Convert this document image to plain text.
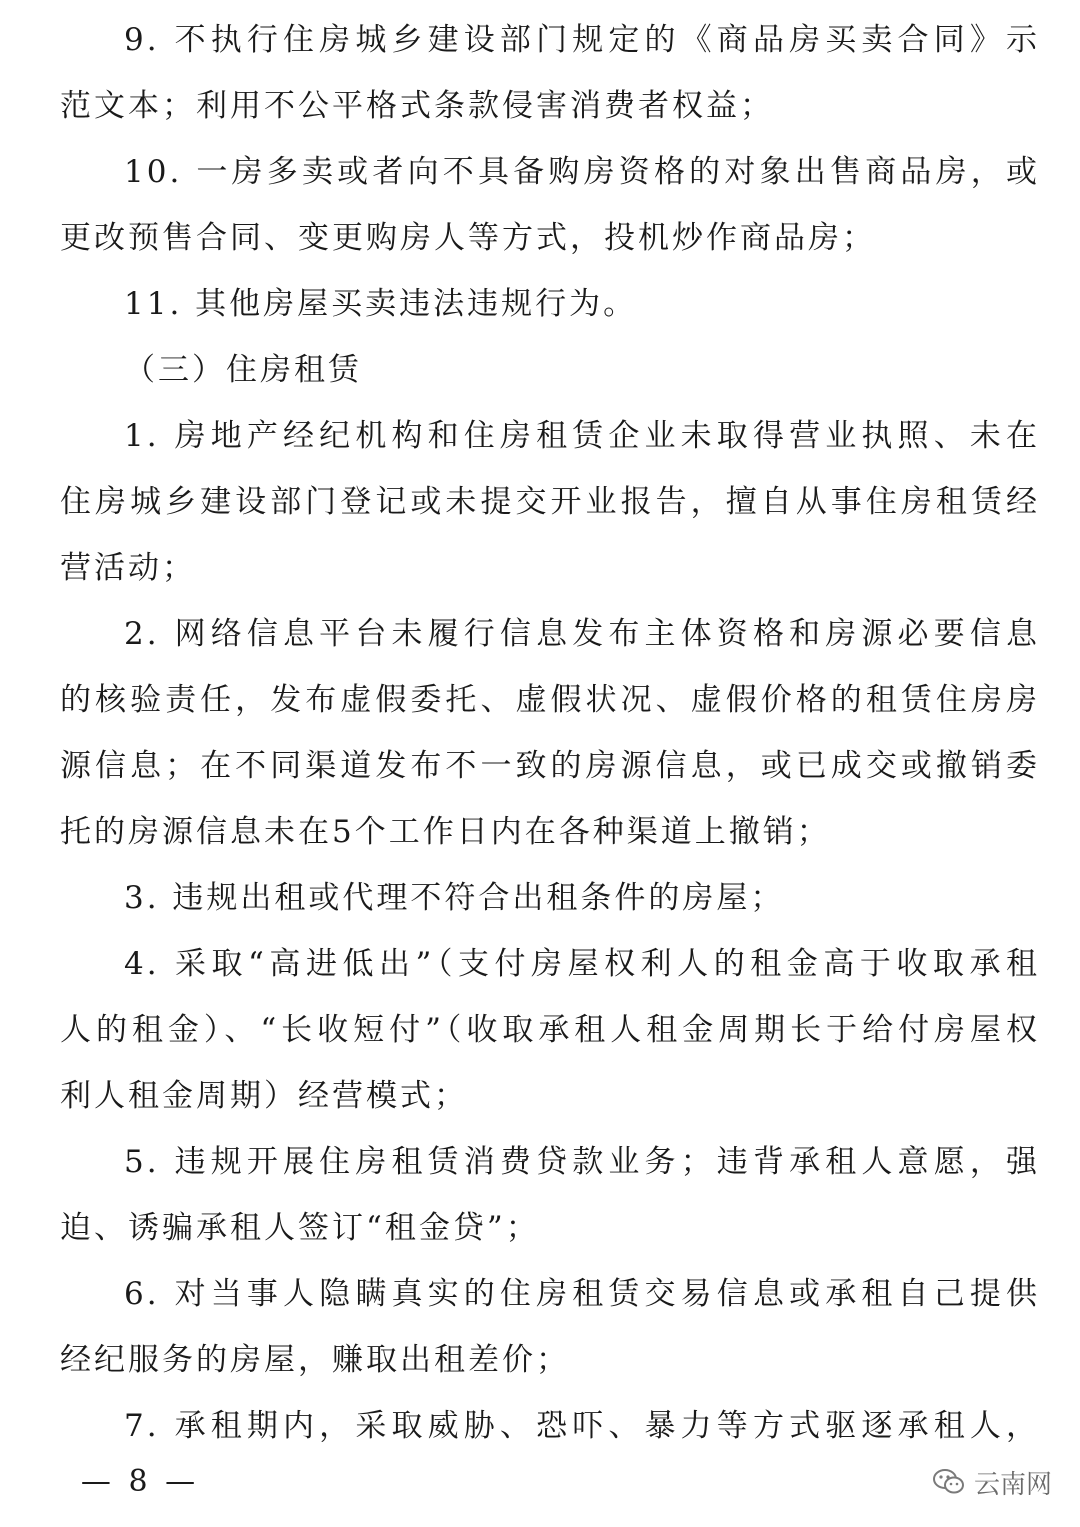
9. 不执行住房城乡建设部门规定的《商品房买卖合同》示
范文本；利用不公平格式条款侵害消费者权益；
10. 一房多卖或者向不具备购房资格的对象出售商品房，或
更改预售合同、变更购房人等方式，投机炒作商品房；
11. 其他房屋买卖违法违规行为。
（三）住房租赁
1. 房地产经纪机构和住房租赁企业未取得营业执照、未在
住房城乡建设部门登记或未提交开业报告，擅自从事住房租赁经
营活动；
2. 网络信息平台未履行信息发布主体资格和房源必要信息
的核验责任，发布虚假委托、虚假状况、虚假价格的租赁住房房
源信息；在不同渠道发布不一致的房源信息，或已成交或撤销委
托的房源信息未在5个工作日内在各种渠道上撤销；
3. 违规出租或代理不符合出租条件的房屋；
4. 采取“高进低出”（支付房屋权利人的租金高于收取承租
人的租金）、“长收短付”（收取承租人租金周期长于给付房屋权
利人租金周期）经营模式；
5. 违规开展住房租赁消费贷款业务；违背承租人意愿，强
迫、诱骗承租人签订“租金贷”；
6. 对当事人隐瞒真实的住房租赁交易信息或承租自己提供
经纪服务的房屋，赚取出租差价；
7. 承租期内，采取威胁、恐吓、暴力等方式驱逐承租人，
— 8 —	云南网
